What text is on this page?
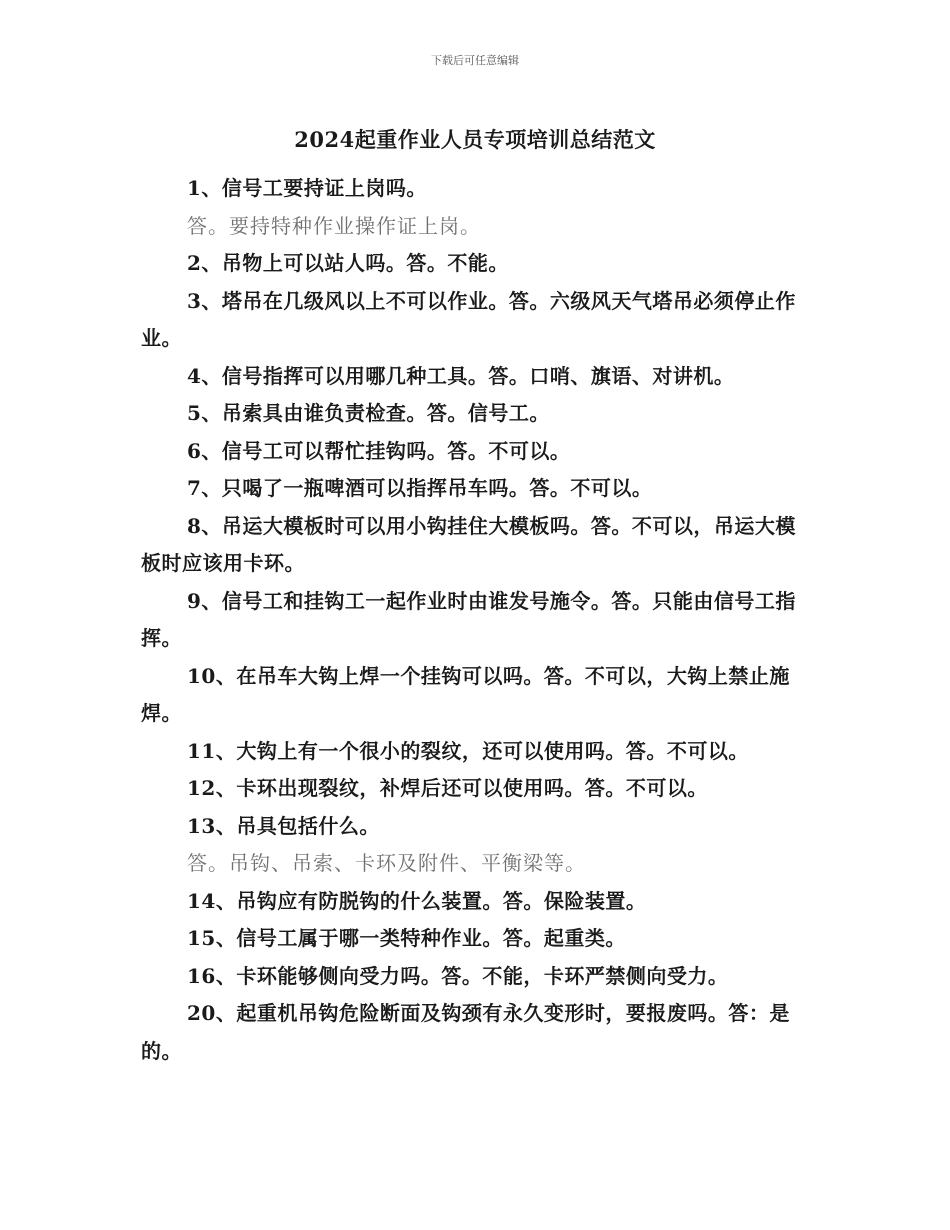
下载后可任意编辑
2024起重作业人员专项培训总结范文

1、信号工要持证上岗吗。

答。要持特种作业操作证上岗。

2、吊物上可以站人吗。答。不能。

3、塔吊在几级风以上不可以作业。答。六级风天气塔吊必须停止作业。

4、信号指挥可以用哪几种工具。答。口哨、旗语、对讲机。

5、吊索具由谁负责检查。答。信号工。

6、信号工可以帮忙挂钩吗。答。不可以。

7、只喝了一瓶啤酒可以指挥吊车吗。答。不可以。

8、吊运大模板时可以用小钩挂住大模板吗。答。不可以，吊运大模板时应该用卡环。

9、信号工和挂钩工一起作业时由谁发号施令。答。只能由信号工指挥。

10、在吊车大钩上焊一个挂钩可以吗。答。不可以，大钩上禁止施焊。

11、大钩上有一个很小的裂纹，还可以使用吗。答。不可以。

12、卡环出现裂纹，补焊后还可以使用吗。答。不可以。

13、吊具包括什么。

答。吊钩、吊索、卡环及附件、平衡梁等。

14、吊钩应有防脱钩的什么装置。答。保险装置。

15、信号工属于哪一类特种作业。答。起重类。

16、卡环能够侧向受力吗。答。不能，卡环严禁侧向受力。

20、起重机吊钩危险断面及钩颈有永久变形时，要报废吗。答：是的。
